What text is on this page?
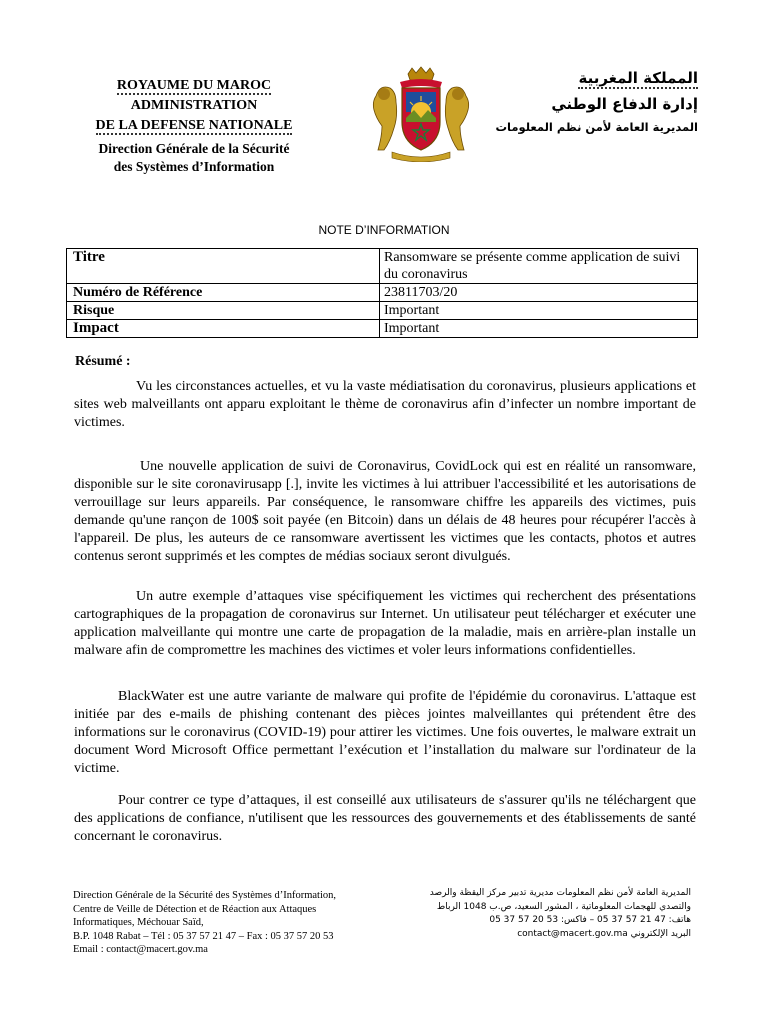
ROYAUME DU MAROC
ADMINISTRATION
DE LA DEFENSE NATIONALE
Direction Générale de la Sécurité
des Systèmes d’Information
المملكة المغربية
إدارة الدفاع الوطني
المديرية العامة لأمن نظم المعلومات
NOTE D’INFORMATION
Titre	Ransomware se présente comme application de suivi du coronavirus
Numéro de Référence	23811703/20
Risque	Important
Impact	Important
Résumé :

Vu les circonstances actuelles, et vu la vaste médiatisation du coronavirus, plusieurs applications et sites web malveillants ont apparu exploitant le thème de coronavirus afin d’infecter un nombre important de victimes.

Une nouvelle application de suivi de Coronavirus, CovidLock qui est en réalité un ransomware, disponible sur le site coronavirusapp [.], invite les victimes à lui attribuer l'accessibilité et les autorisations de verrouillage sur leurs appareils. Par conséquence, le ransomware chiffre les appareils des victimes, puis demande qu'une rançon de 100$ soit payée (en Bitcoin) dans un délais de 48 heures pour récupérer l'accès à l'appareil. De plus, les auteurs de ce ransomware avertissent les victimes que les contacts, photos et autres contenus seront supprimés et les comptes de médias sociaux seront divulgués.

Un autre exemple d’attaques vise spécifiquement les victimes qui recherchent des présentations cartographiques de la propagation de coronavirus sur Internet. Un utilisateur peut télécharger et exécuter une application malveillante qui montre une carte de propagation de la maladie, mais en arrière-plan installe un malware afin de compromettre les machines des victimes et voler leurs informations confidentielles.

BlackWater est une autre variante de malware qui profite de l'épidémie du coronavirus. L'attaque est initiée par des e-mails de phishing contenant des pièces jointes malveillantes qui prétendent être des informations sur le coronavirus (COVID-19) pour attirer les victimes. Une fois ouvertes, le malware extrait un document Word Microsoft Office permettant l’exécution et l’installation du malware sur l'ordinateur de la victime.

Pour contrer ce type d’attaques, il est conseillé aux utilisateurs de s'assurer qu'ils ne téléchargent que des applications de confiance, n'utilisent que les ressources des gouvernements et des établissements de santé concernant le coronavirus.

Direction Générale de la Sécurité des Systèmes d’Information,
Centre de Veille de Détection et de Réaction aux Attaques
Informatiques, Méchouar Saïd,
B.P. 1048 Rabat – Tél : 05 37 57 21 47 – Fax : 05 37 57 20 53
Email : contact@macert.gov.ma
المديرية العامة لأمن نظم المعلومات مديرية تدبير مركز اليقظة والرصد
والتصدي للهجمات المعلوماتية ، المشور السعيد، ص.ب 1048 الرباط
هاتف: 47 21 57 37 05 – فاكس: 53 20 57 37 05
البريد الإلكتروني contact@macert.gov.ma
